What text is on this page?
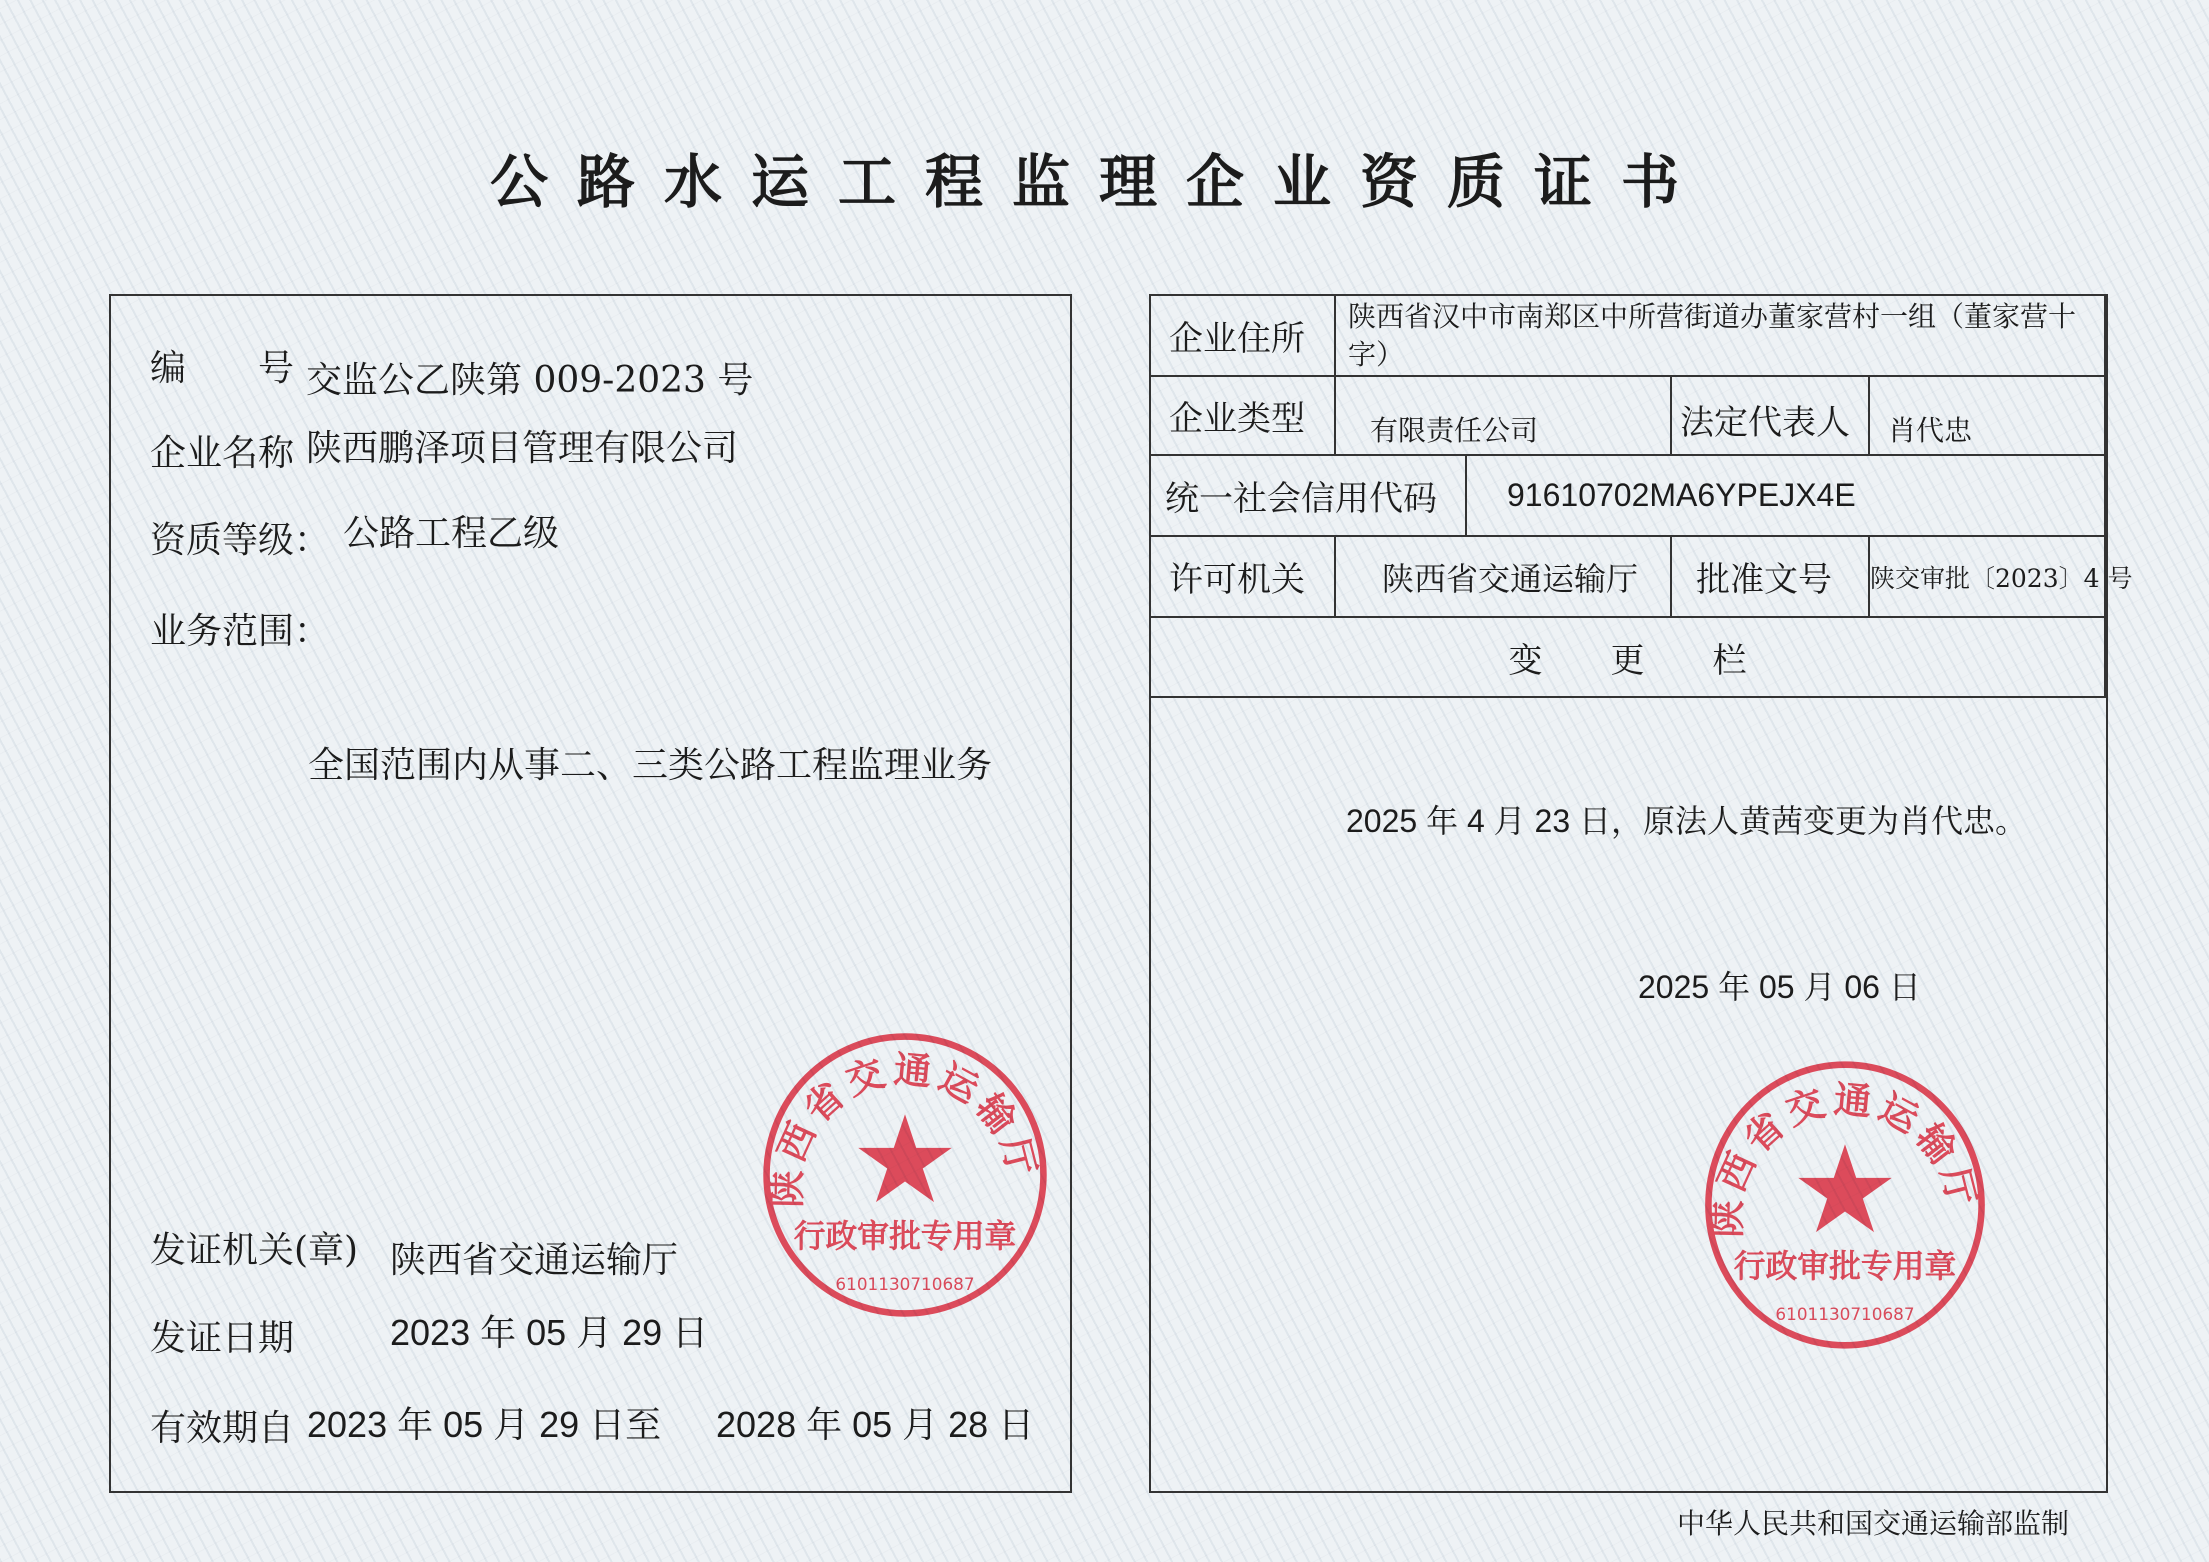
公路水运工程监理企业资质证书
编　　号 交监公乙陕第 009-2023 号
企业名称 陕西鹏泽项目管理有限公司
资质等级： 公路工程乙级
业务范围：
全国范围内从事二、三类公路工程监理业务
发证机关(章) 陕西省交通运输厅
发证日期	2023 年 05 月 29 日
有效期自 2023 年 05 月 29 日至 2028 年 05 月 28 日
企业住所
陕西省汉中市南郑区中所营街道办董家营村一组（董家营十字）
企业类型	有限责任公司	法定代表人	肖代忠
统一社会信用代码	91610702MA6YPEJX4E
许可机关	陕西省交通运输厅	批准文号	陕交审批〔2023〕4 号
变　　更　　栏
2025 年 4 月 23 日，原法人黄茜变更为肖代忠。
2025 年 05 月 06 日
中华人民共和国交通运输部监制
陕西省交通运输厅
行政审批专用章
6101130710687
陕西省交通运输厅
行政审批专用章
6101130710687
